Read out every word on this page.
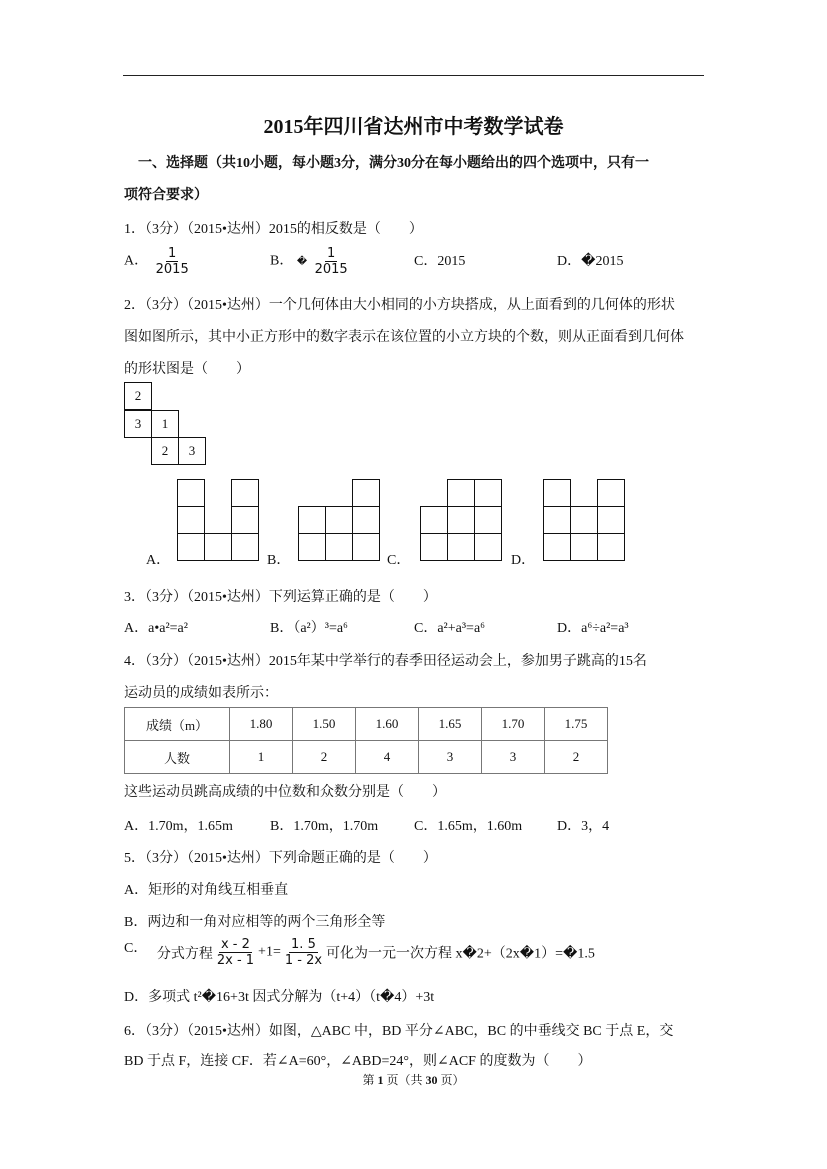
2015年四川省达州市中考数学试卷
一、选择题（共10小题，每小题3分，满分30分在每小题给出的四个选项中，只有一
项符合要求）
1．（3分）（2015•达州）2015的相反数是（　　）
A． $\frac{1}{2015}$	B． � $\frac{1}{2015}$	C．2015	D．�2015
2．（3分）（2015•达州）一个几何体由大小相同的小方块搭成，从上面看到的几何体的形状
图如图所示，其中小正方形中的数字表示在该位置的小立方块的个数，则从正面看到几何体
的形状图是（　　）
2
3	1
2	3
A．	B．	C．	D．
3．（3分）（2015•达州）下列运算正确的是（　　）
A．a•a²=a²	B．（a²）³=a⁶	C．a²+a³=a⁶	D．a⁶÷a²=a³
4．（3分）（2015•达州）2015年某中学举行的春季田径运动会上，参加男子跳高的15名
运动员的成绩如表所示：
成绩（m）	1.80	1.50	1.60	1.65	1.70	1.75
人数	1	2	4	3	3	2
这些运动员跳高成绩的中位数和众数分别是（　　）
A．1.70m，1.65m	B．1.70m，1.70m	C．1.65m，1.60m D．3，4
5．（3分）（2015•达州）下列命题正确的是（　　）
A．矩形的对角线互相垂直
B．两边和一角对应相等的两个三角形全等
C． 分式方程 $\frac{x - 2}{2x - 1} +1= \frac{1. 5}{1 - 2x}$ 可化为一元一次方程 x�2+（2x�1）=�1.5
D．多项式 t²�16+3t 因式分解为（t+4）（t�4）+3t
6．（3分）（2015•达州）如图，△ABC 中，BD 平分∠ABC，BC 的中垂线交 BC 于点 E，交
BD 于点 F，连接 CF．若∠A=60°，∠ABD=24°，则∠ACF 的度数为（　　）
第 1 页（共 30 页）
